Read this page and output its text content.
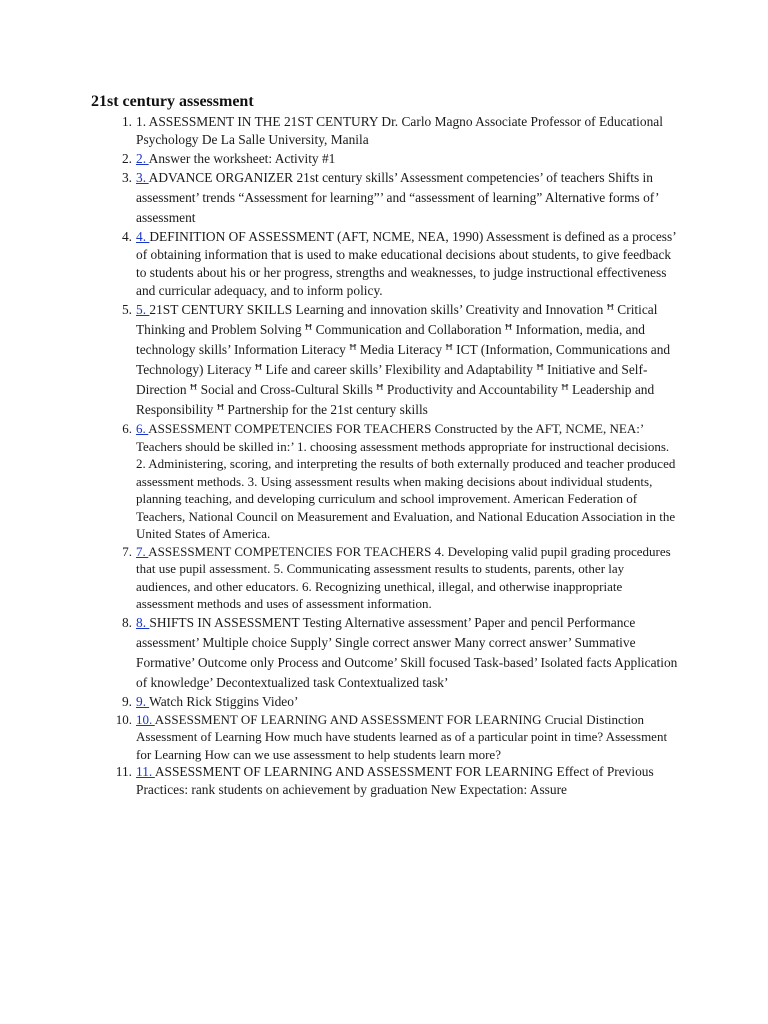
21st century assessment
1. 1. ASSESSMENT IN THE 21ST CENTURY Dr. Carlo Magno Associate Professor of Educational Psychology De La Salle University, Manila
2. 2. Answer the worksheet: Activity #1
3. 3. ADVANCE ORGANIZER 21st century skills’ Assessment competencies’ of teachers Shifts in assessment’ trends “Assessment for learning”’ and “assessment of learning” Alternative forms of’ assessment
4. 4. DEFINITION OF ASSESSMENT (AFT, NCME, NEA, 1990) Assessment is defined as a process’ of obtaining information that is used to make educational decisions about students, to give feedback to students about his or her progress, strengths and weaknesses, to judge instructional effectiveness and curricular adequacy, and to inform policy.
5. 5. 21ST CENTURY SKILLS Learning and innovation skills’ Creativity and Innovation ꟸ Critical Thinking and Problem Solving ꟸ Communication and Collaboration ꟸ Information, media, and technology skills’ Information Literacy ꟸ Media Literacy ꟸ ICT (Information, Communications and Technology) Literacy ꟸ Life and career skills’ Flexibility and Adaptability ꟸ Initiative and Self-Direction ꟸ Social and Cross-Cultural Skills ꟸ Productivity and Accountability ꟸ Leadership and Responsibility ꟸ Partnership for the 21st century skills
6. 6. ASSESSMENT COMPETENCIES FOR TEACHERS Constructed by the AFT, NCME, NEA:’ Teachers should be skilled in:’ 1. choosing assessment methods appropriate for instructional decisions. 2. Administering, scoring, and interpreting the results of both externally produced and teacher produced assessment methods. 3. Using assessment results when making decisions about individual students, planning teaching, and developing curriculum and school improvement. American Federation of Teachers, National Council on Measurement and Evaluation, and National Education Association in the United States of America.
7. 7. ASSESSMENT COMPETENCIES FOR TEACHERS 4. Developing valid pupil grading procedures that use pupil assessment. 5. Communicating assessment results to students, parents, other lay audiences, and other educators. 6. Recognizing unethical, illegal, and otherwise inappropriate assessment methods and uses of assessment information.
8. 8. SHIFTS IN ASSESSMENT Testing Alternative assessment’ Paper and pencil Performance assessment’ Multiple choice Supply’ Single correct answer Many correct answer’ Summative Formative’ Outcome only Process and Outcome’ Skill focused Task-based’ Isolated facts Application of knowledge’ Decontextualized task Contextualized task’
9. 9. Watch Rick Stiggins Video’
10. 10. ASSESSMENT OF LEARNING AND ASSESSMENT FOR LEARNING Crucial Distinction Assessment of Learning How much have students learned as of a particular point in time? Assessment for Learning How can we use assessment to help students learn more?
11. 11. ASSESSMENT OF LEARNING AND ASSESSMENT FOR LEARNING Effect of Previous Practices: rank students on achievement by graduation New Expectation: Assure
